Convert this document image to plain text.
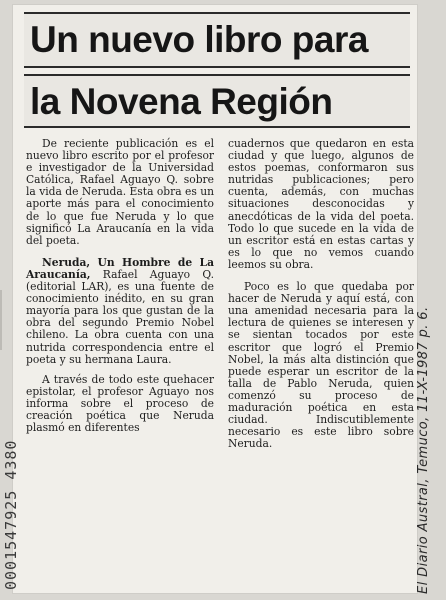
Un nuevo libro para
la Novena Región

De reciente publicación es el nuevo libro escrito por el profesor e investigador de la Universidad Católica, Rafael Aguayo Q. sobre la vida de Neruda. Esta obra es un aporte más para el conocimiento de lo que fue Neruda y lo que significó La Araucanía en la vida del poeta.

Neruda, Un Hombre de La Araucanía, Rafael Aguayo Q. (editorial LAR), es una fuente de conocimiento inédito, en su gran mayoría para los que gustan de la obra del segundo Premio Nobel chileno. La obra cuenta con una nutrida correspondencia entre el poeta y su hermana Laura.

A través de todo este quehacer epistolar, el profesor Aguayo nos informa sobre el proceso de creación poética que Neruda plasmó en diferentes

cuadernos que quedaron en esta ciudad y que luego, algunos de estos poemas, conformaron sus nutridas publicaciones; pero cuenta, además, con muchas situaciones desconocidas y anecdóticas de la vida del poeta. Todo lo que sucede en la vida de un escritor está en estas cartas y es lo que no vemos cuando leemos su obra.

Poco es lo que quedaba por hacer de Neruda y aquí está, con una amenidad necesaria para la lectura de quienes se interesen y se sientan tocados por este escritor que logró el Premio Nobel, la más alta distinción que puede esperar un escritor de la talla de Pablo Neruda, quien comenzó su proceso de maduración poética en esta ciudad. Indiscutiblemente necesario es este libro sobre Neruda.

0001547925 4380	El Diario Austral, Temuco, 11-X-1987 p. 6.
